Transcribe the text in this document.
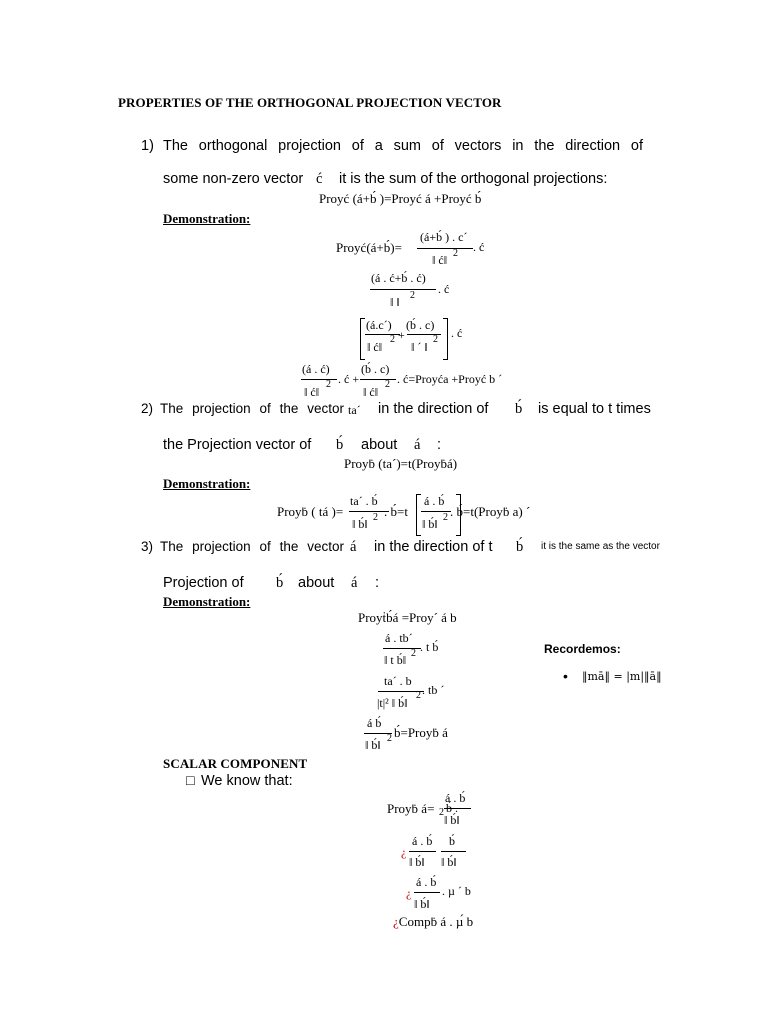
PROPERTIES OF THE ORTHOGONAL PROJECTION VECTOR
1) The orthogonal projection of a sum of vectors in the direction of
some non-zero vector ć it is the sum of the orthogonal projections:
Proyć (á+b́ )=Proyć á +Proyć b́
Demonstration:
Proyć(á+b́)=
(á+b́ ) . c´
‖ ć‖ 2 . ć
(á . ć+b́ . ć)
‖ ‖ 2 . ć
(á.c´) (b́ . c)
‖ ć‖
2 +
‖ ´ ‖
2 . ć
(á . ć)
‖ ć‖
2 . ć +
(b́ . c)
‖ ć‖
2 . ć=Proyća +Proyć b ´
2) The projection of the vector ta´ in the direction of b́ is equal to t times
the Projection vector of b́ about á :
Proyḃ (ta´)=t(Proyḃá)
Demonstration:
Proyḃ ( tá )=
ta´ . b́
‖ b́‖ 2 . b́=t
á . b́
‖ b́‖ 2 . b́=t(Proyḃ a) ´
3) The projection of the vector á in the direction of t b́ it is the same as the vector
Projection of b́ about á :
Demonstration:
Proyṫb́á =Proy´ á b
á . tb´
‖ t b́‖ 2 . t b́
ta´ . b
|t|² ‖ b́‖
2 . tb ´
á b́
‖ b́‖ 2 b́=Proyḃ á
Recordemos:
• ‖mā‖ = |m|‖ā‖
SCALAR COMPONENT
□ We know that:
Proyḃ á=
á . b́
‖ b́‖
2 b́ .
¿
á . b́
‖ b́‖
b́
‖ b́‖
¿
á . b́
‖ b́‖
. µ ´ b
¿Compḃ á . µ́ b
